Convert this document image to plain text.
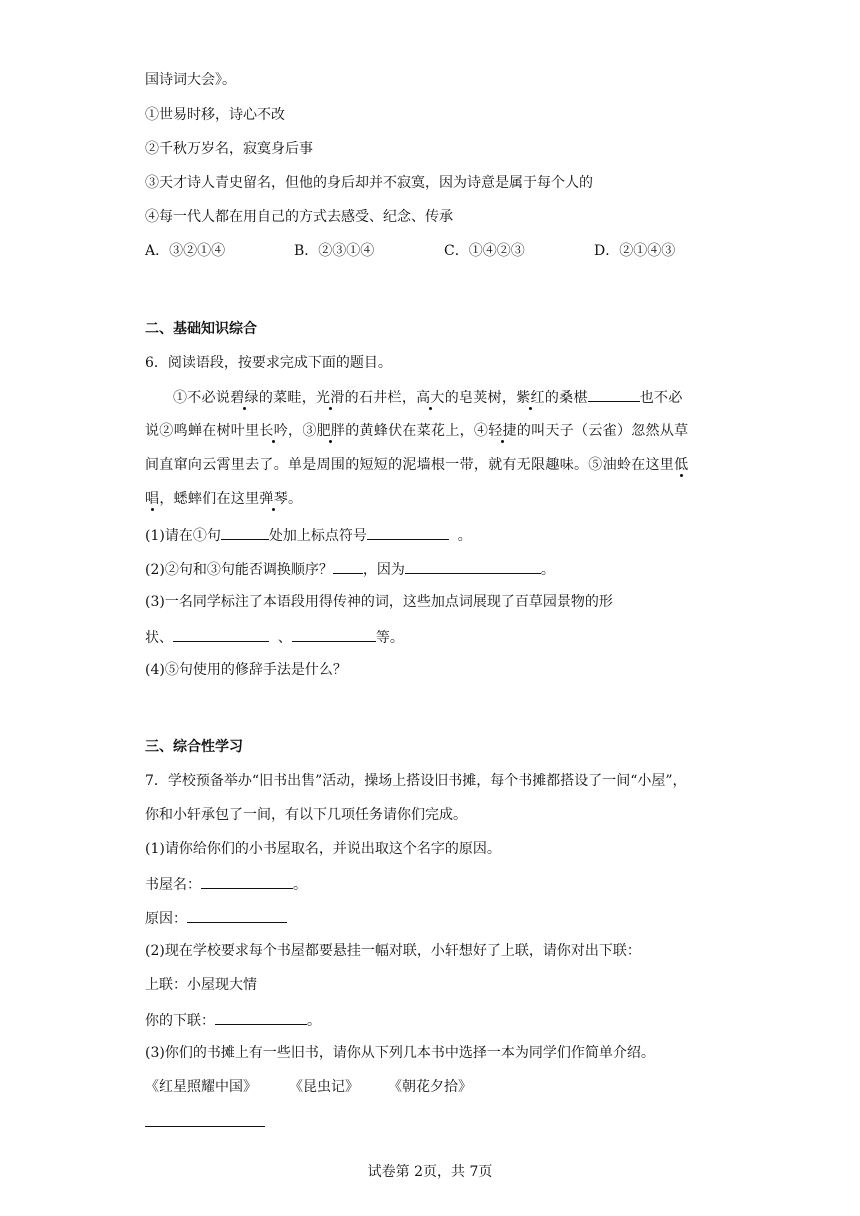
国诗词大会》。
①世易时移，诗心不改
②千秋万岁名，寂寞身后事
③天才诗人青史留名，但他的身后却并不寂寞，因为诗意是属于每个人的
④每一代人都在用自己的方式去感受、纪念、传承
A．③②①④	B．②③①④	C．①④②③	D．②①④③
二、基础知识综合
6．阅读语段，按要求完成下面的题目。
①不必说碧绿的菜畦，光滑的石井栏，高大的皂荚树，紫红的桑椹	也不必
说②鸣蝉在树叶里长吟，③肥胖的黄蜂伏在菜花上，④轻捷的叫天子（云雀）忽然从草
间直窜向云霄里去了。单是周围的短短的泥墙根一带，就有无限趣味。⑤油蛉在这里低
唱，蟋蟀们在这里弹琴。
(1)请在①句	处加上标点符号	。
(2)②句和③句能否调换顺序？ ，因为	。
(3)一名同学标注了本语段用得传神的词，这些加点词展现了百草园景物的形
状、	、	等。
(4)⑤句使用的修辞手法是什么？
三、综合性学习
7．学校预备举办“旧书出售”活动，操场上搭设旧书摊，每个书摊都搭设了一间“小屋”，
你和小轩承包了一间，有以下几项任务请你们完成。
(1)请你给你们的小书屋取名，并说出取这个名字的原因。
书屋名：	。
原因：
(2)现在学校要求每个书屋都要悬挂一幅对联，小轩想好了上联，请你对出下联：
上联：小屋现大情
你的下联：	。
(3)你们的书摊上有一些旧书，请你从下列几本书中选择一本为同学们作简单介绍。
《红星照耀中国》 《昆虫记》 《朝花夕拾》
试卷第 2页，共 7页
